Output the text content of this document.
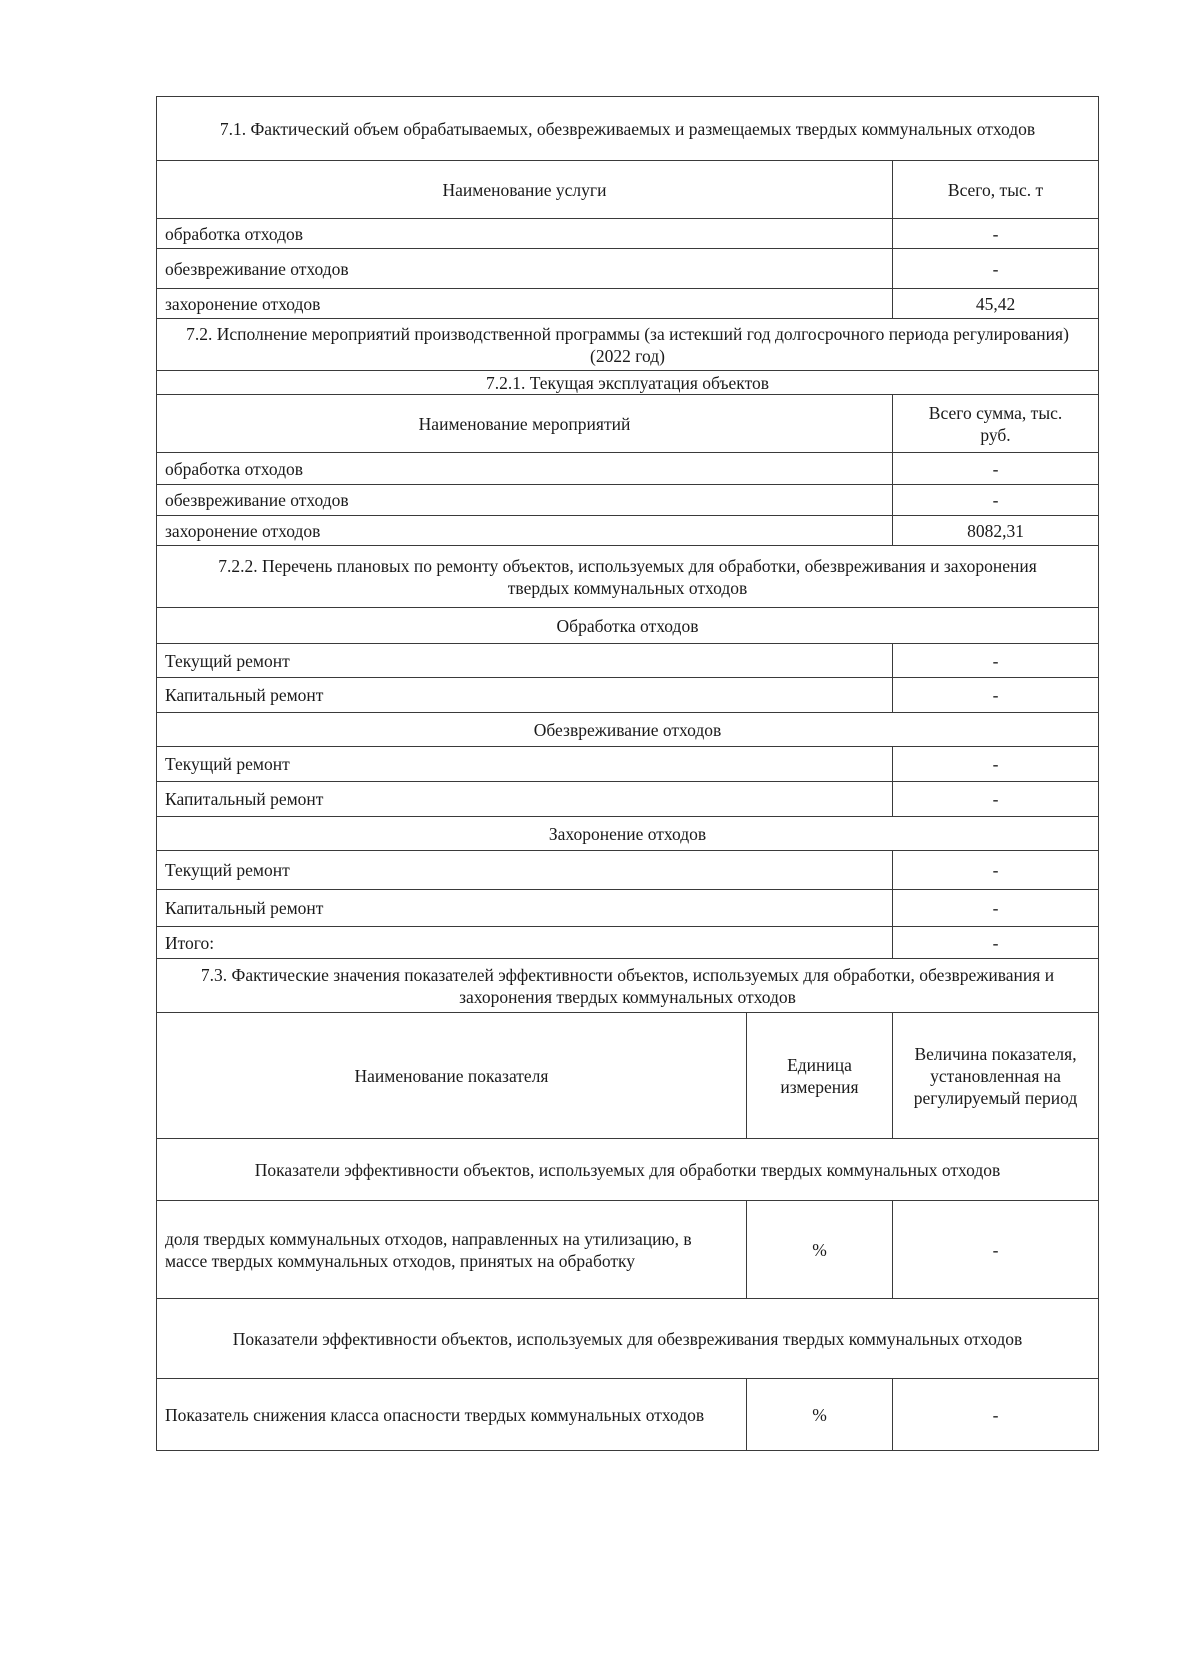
7.1. Фактический объем обрабатываемых, обезвреживаемых и размещаемых твердых коммунальных отходов		
Наименование услуги		Всего, тыс. т
обработка отходов		-
обезвреживание отходов		-
захоронение отходов		45,42
7.2. Исполнение мероприятий производственной программы (за истекший год долгосрочного периода регулирования) (2022 год)		
7.2.1. Текущая эксплуатация объектов		
Наименование мероприятий		Всего сумма, тыс. руб.
обработка отходов		-
обезвреживание отходов		-
захоронение отходов		8082,31
7.2.2. Перечень плановых по ремонту объектов, используемых для обработки, обезвреживания и захоронения твердых коммунальных отходов		
Обработка отходов		
Текущий ремонт		-
Капитальный ремонт		-
Обезвреживание отходов		
Текущий ремонт		-
Капитальный ремонт		-
Захоронение отходов		
Текущий ремонт		-
Капитальный ремонт		-
Итого:		-
7.3. Фактические значения показателей эффективности объектов, используемых для обработки, обезвреживания и захоронения твердых коммунальных отходов		
Наименование показателя	Единица измерения	Величина показателя, установленная на регулируемый период
Показатели эффективности объектов, используемых для обработки твердых коммунальных отходов		
доля твердых коммунальных отходов, направленных на утилизацию, в массе твердых коммунальных отходов, принятых на обработку	%	-
Показатели эффективности объектов, используемых для обезвреживания твердых коммунальных отходов		
Показатель снижения класса опасности твердых коммунальных отходов	%	-
